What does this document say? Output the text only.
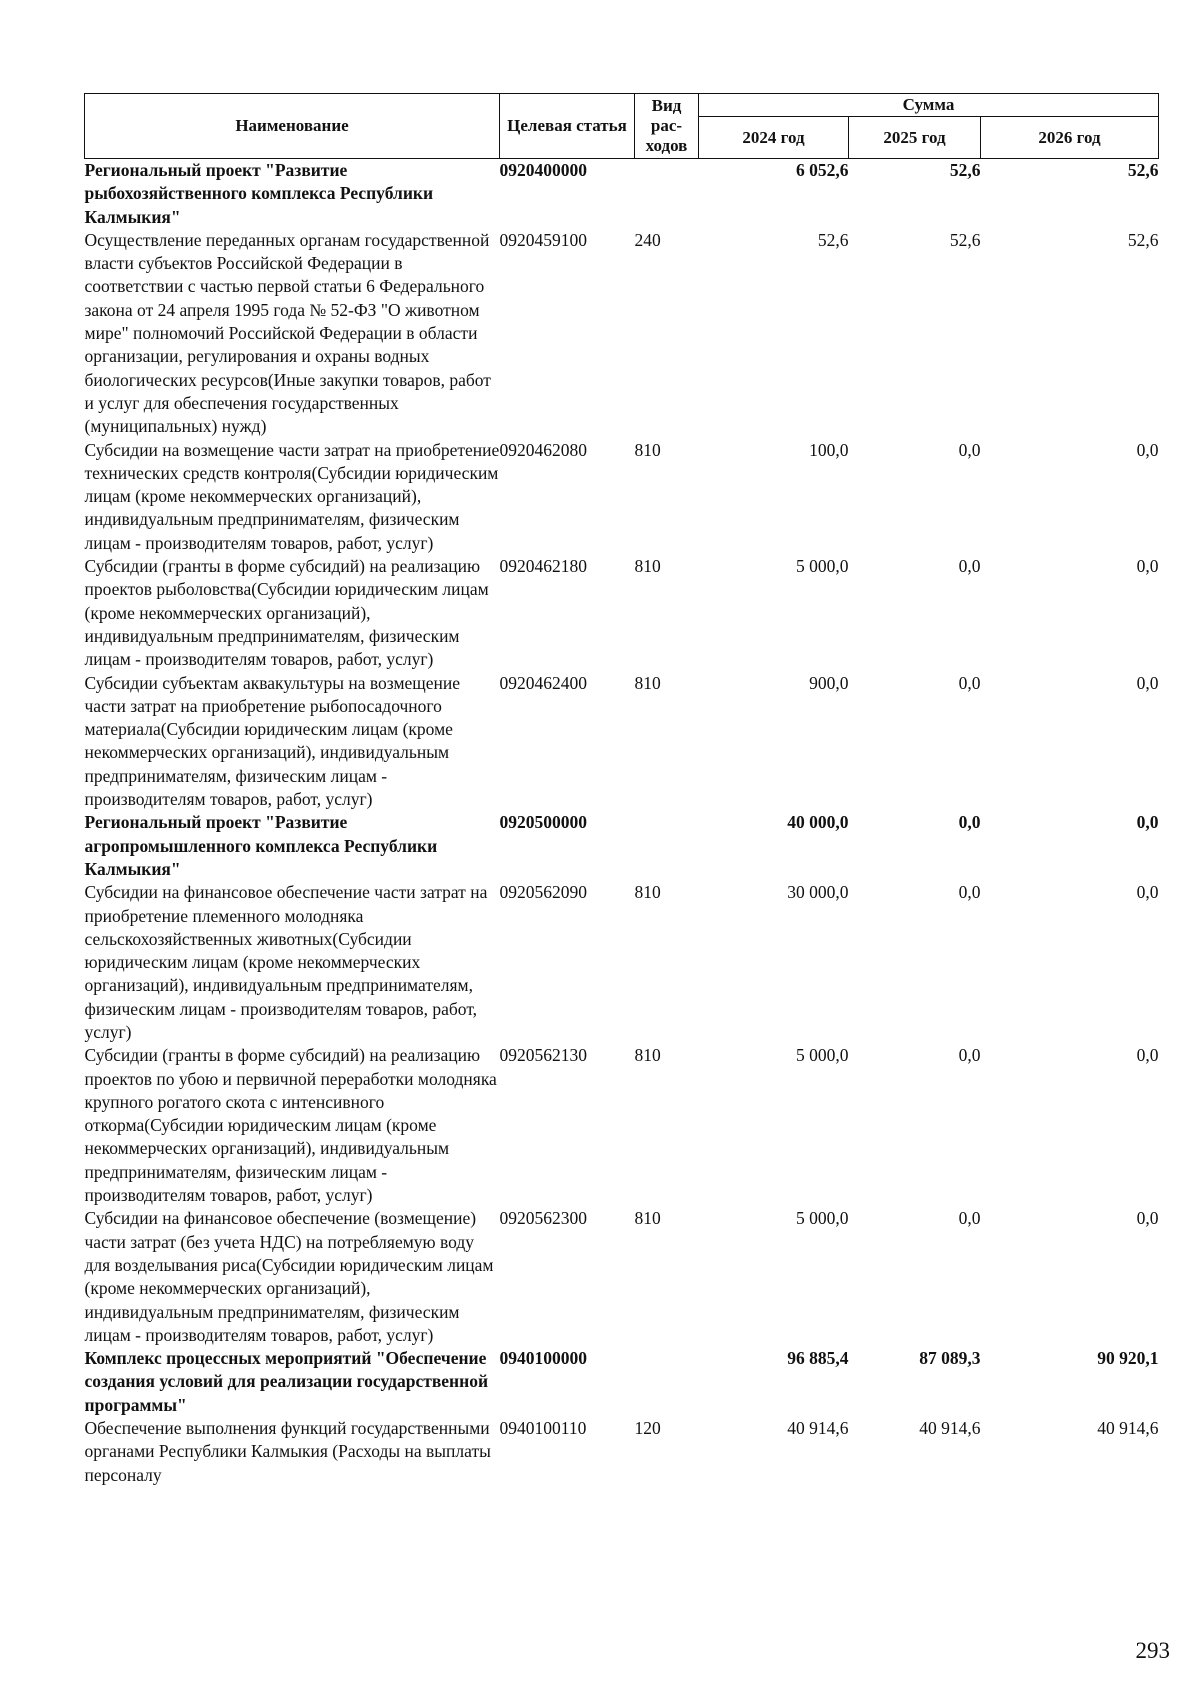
Наименование	Целевая статья	Вид рас-ходов	Сумма		
			2024 год	2025 год	2026 год
Региональный проект "Развитие рыбохозяйственного комплекса Республики Калмыкия"	0920400000		6 052,6	52,6	52,6
Осуществление переданных органам государственной власти субъектов Российской Федерации в соответствии с частью первой статьи 6 Федерального закона от 24 апреля 1995 года № 52-ФЗ "О животном мире" полномочий Российской Федерации в области организации, регулирования и охраны водных биологических ресурсов(Иные закупки товаров, работ и услуг для обеспечения государственных (муниципальных) нужд)	0920459100	240	52,6	52,6	52,6
Субсидии на возмещение части затрат на приобретение технических средств контроля(Субсидии юридическим лицам (кроме некоммерческих организаций), индивидуальным предпринимателям, физическим лицам - производителям товаров, работ, услуг)	0920462080	810	100,0	0,0	0,0
Субсидии (гранты в форме субсидий) на реализацию проектов рыболовства(Субсидии юридическим лицам (кроме некоммерческих организаций), индивидуальным предпринимателям, физическим лицам - производителям товаров, работ, услуг)	0920462180	810	5 000,0	0,0	0,0
Субсидии субъектам аквакультуры на возмещение части затрат на приобретение рыбопосадочного материала(Субсидии юридическим лицам (кроме некоммерческих организаций), индивидуальным предпринимателям, физическим лицам - производителям товаров, работ, услуг)	0920462400	810	900,0	0,0	0,0
Региональный проект "Развитие агропромышленного комплекса Республики Калмыкия"	0920500000		40 000,0	0,0	0,0
Субсидии на финансовое обеспечение части затрат на приобретение племенного молодняка сельскохозяйственных животных(Субсидии юридическим лицам (кроме некоммерческих организаций), индивидуальным предпринимателям, физическим лицам - производителям товаров, работ, услуг)	0920562090	810	30 000,0	0,0	0,0
Субсидии (гранты в форме субсидий) на реализацию проектов по убою и первичной переработки молодняка крупного рогатого скота с интенсивного откорма(Субсидии юридическим лицам (кроме некоммерческих организаций), индивидуальным предпринимателям, физическим лицам - производителям товаров, работ, услуг)	0920562130	810	5 000,0	0,0	0,0
Субсидии на финансовое обеспечение (возмещение) части затрат (без учета НДС) на потребляемую воду для возделывания риса(Субсидии юридическим лицам (кроме некоммерческих организаций), индивидуальным предпринимателям, физическим лицам - производителям товаров, работ, услуг)	0920562300	810	5 000,0	0,0	0,0
Комплекс процессных мероприятий "Обеспечение создания условий для реализации государственной программы"	0940100000		96 885,4	87 089,3	90 920,1
Обеспечение выполнения функций государственными органами Республики Калмыкия (Расходы на выплаты персоналу	0940100110	120	40 914,6	40 914,6	40 914,6
293
